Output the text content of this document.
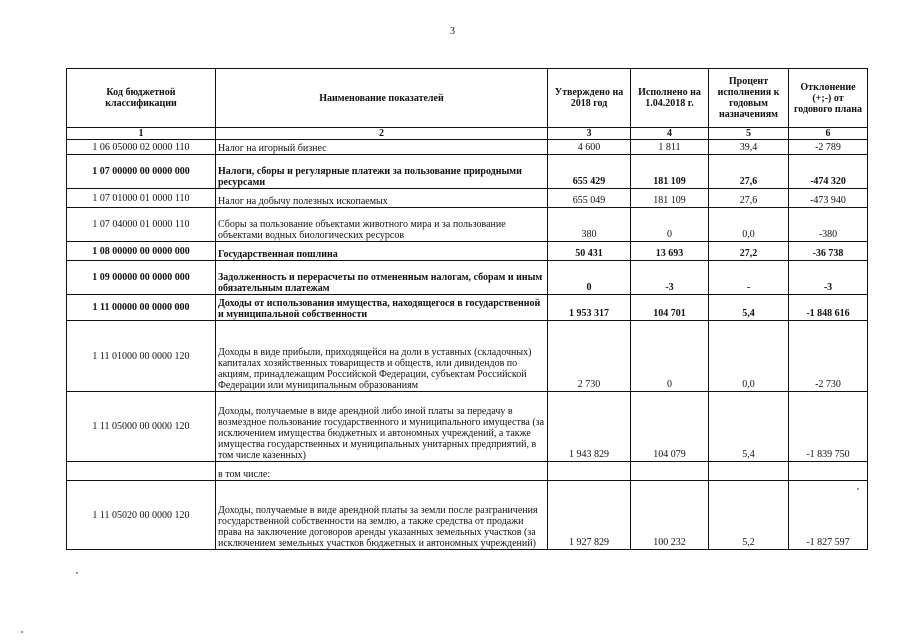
3
Код бюджетной классификации	Наименование показателей	Утверждено на 2018 год	Исполнено на 1.04.2018 г.	Процент исполнения к годовым назначениям	Отклонение (+;-) от годового плана
1	2	3	4	5	6
1 06 05000 02 0000 110	Налог на игорный бизнес	4 600	1 811	39,4	-2 789
1 07 00000 00 0000 000	Налоги, сборы и регулярные платежи за пользование природными ресурсами	655 429	181 109	27,6	-474 320
1 07 01000 01 0000 110	Налог на добычу полезных ископаемых	655 049	181 109	27,6	-473 940
1 07 04000 01 0000 110	Сборы за пользование объектами животного мира и за пользование объектами водных биологических ресурсов	380	0	0,0	-380
1 08 00000 00 0000 000	Государственная пошлина	50 431	13 693	27,2	-36 738
1 09 00000 00 0000 000	Задолженность и перерасчеты по отмененным налогам, сборам и иным обязательным платежам	0	-3	-	-3
1 11 00000 00 0000 000	Доходы от использования имущества, находящегося в государственной и муниципальной собственности	1 953 317	104 701	5,4	-1 848 616
1 11 01000 00 0000 120	Доходы в виде прибыли, приходящейся на доли в уставных (складочных) капиталах хозяйственных товариществ и обществ, или дивидендов по акциям, принадлежащим Российской Федерации, субъектам Российской Федерации или муниципальным образованиям	2 730	0	0,0	-2 730
1 11 05000 00 0000 120	Доходы, получаемые в виде арендной либо иной платы за передачу в возмездное пользование государственного и муниципального имущества (за исключением имущества бюджетных и автономных учреждений, а также имущества государственных и муниципальных унитарных предприятий, в том числе казенных)	1 943 829	104 079	5,4	-1 839 750
	в том числе:				
1 11 05020 00 0000 120	Доходы, получаемые в виде арендной платы за земли после разграничения государственной собственности на землю, а также средства от продажи права на заключение договоров аренды указанных земельных участков (за исключением земельных участков бюджетных и автономных учреждений)	1 927 829	100 232	5,2	-1 827 597
